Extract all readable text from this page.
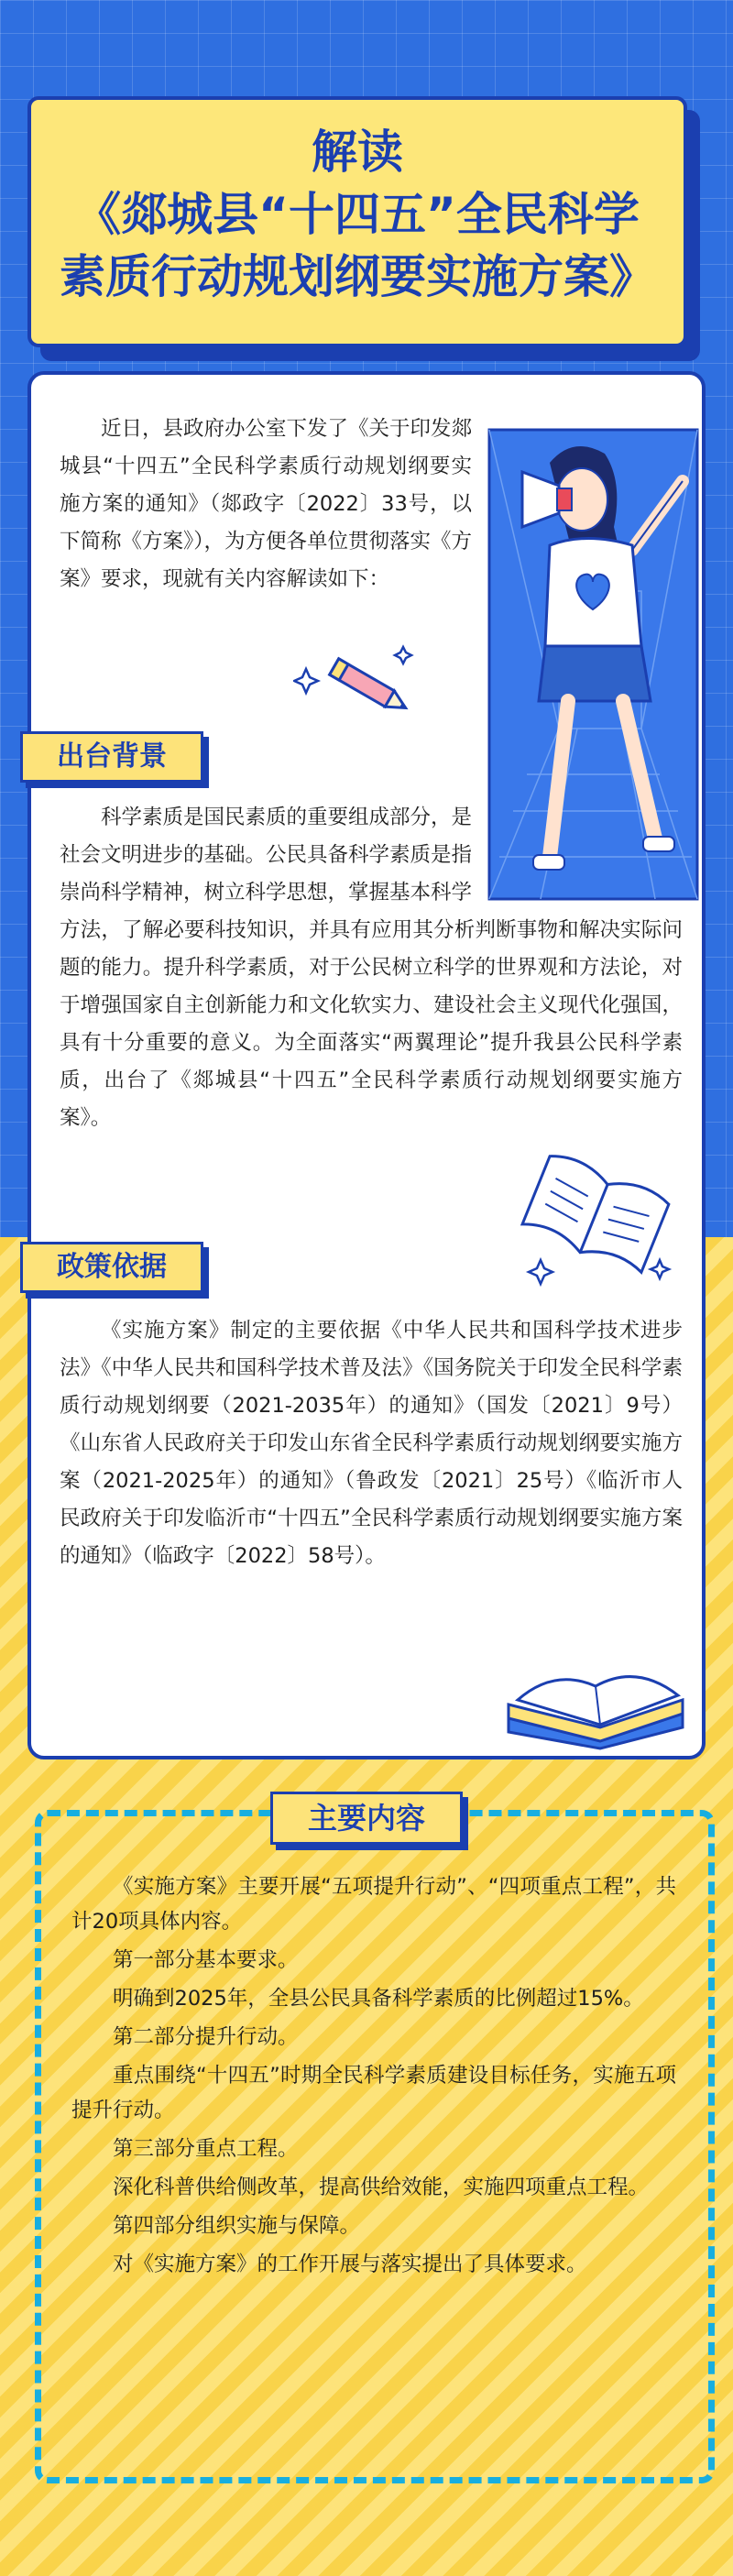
解读
《郯城县“十四五”全民科学
素质行动规划纲要实施方案》

近日，县政府办公室下发了《关于印发郯城县“十四五”全民科学素质行动规划纲要实施方案的通知》（郯政字〔2022〕33号，以下简称《方案》），为方便各单位贯彻落实《方案》要求，现就有关内容解读如下：

出台背景

科学素质是国民素质的重要组成部分，是社会文明进步的基础。公民具备科学素质是指崇尚科学精神，树立科学思想，掌握基本科学方法，了解必要科技知识，并具有应用其分析判断事物和解决实际问题的能力。提升科学素质，对于公民树立科学的世界观和方法论，对于增强国家自主创新能力和文化软实力、建设社会主义现代化强国，具有十分重要的意义。为全面落实“两翼理论”提升我县公民科学素质，出台了《郯城县“十四五”全民科学素质行动规划纲要实施方案》。

政策依据

《实施方案》制定的主要依据《中华人民共和国科学技术进步法》《中华人民共和国科学技术普及法》《国务院关于印发全民科学素质行动规划纲要（2021-2035年）的通知》（国发〔2021〕9号）《山东省人民政府关于印发山东省全民科学素质行动规划纲要实施方案（2021-2025年）的通知》（鲁政发〔2021〕25号）《临沂市人民政府关于印发临沂市“十四五”全民科学素质行动规划纲要实施方案的通知》（临政字〔2022〕58号）。

主要内容

《实施方案》主要开展“五项提升行动”、“四项重点工程”，共计20项具体内容。

第一部分基本要求。

明确到2025年，全县公民具备科学素质的比例超过15%。

第二部分提升行动。

重点围绕“十四五”时期全民科学素质建设目标任务，实施五项提升行动。

第三部分重点工程。

深化科普供给侧改革，提高供给效能，实施四项重点工程。

第四部分组织实施与保障。

对《实施方案》的工作开展与落实提出了具体要求。
